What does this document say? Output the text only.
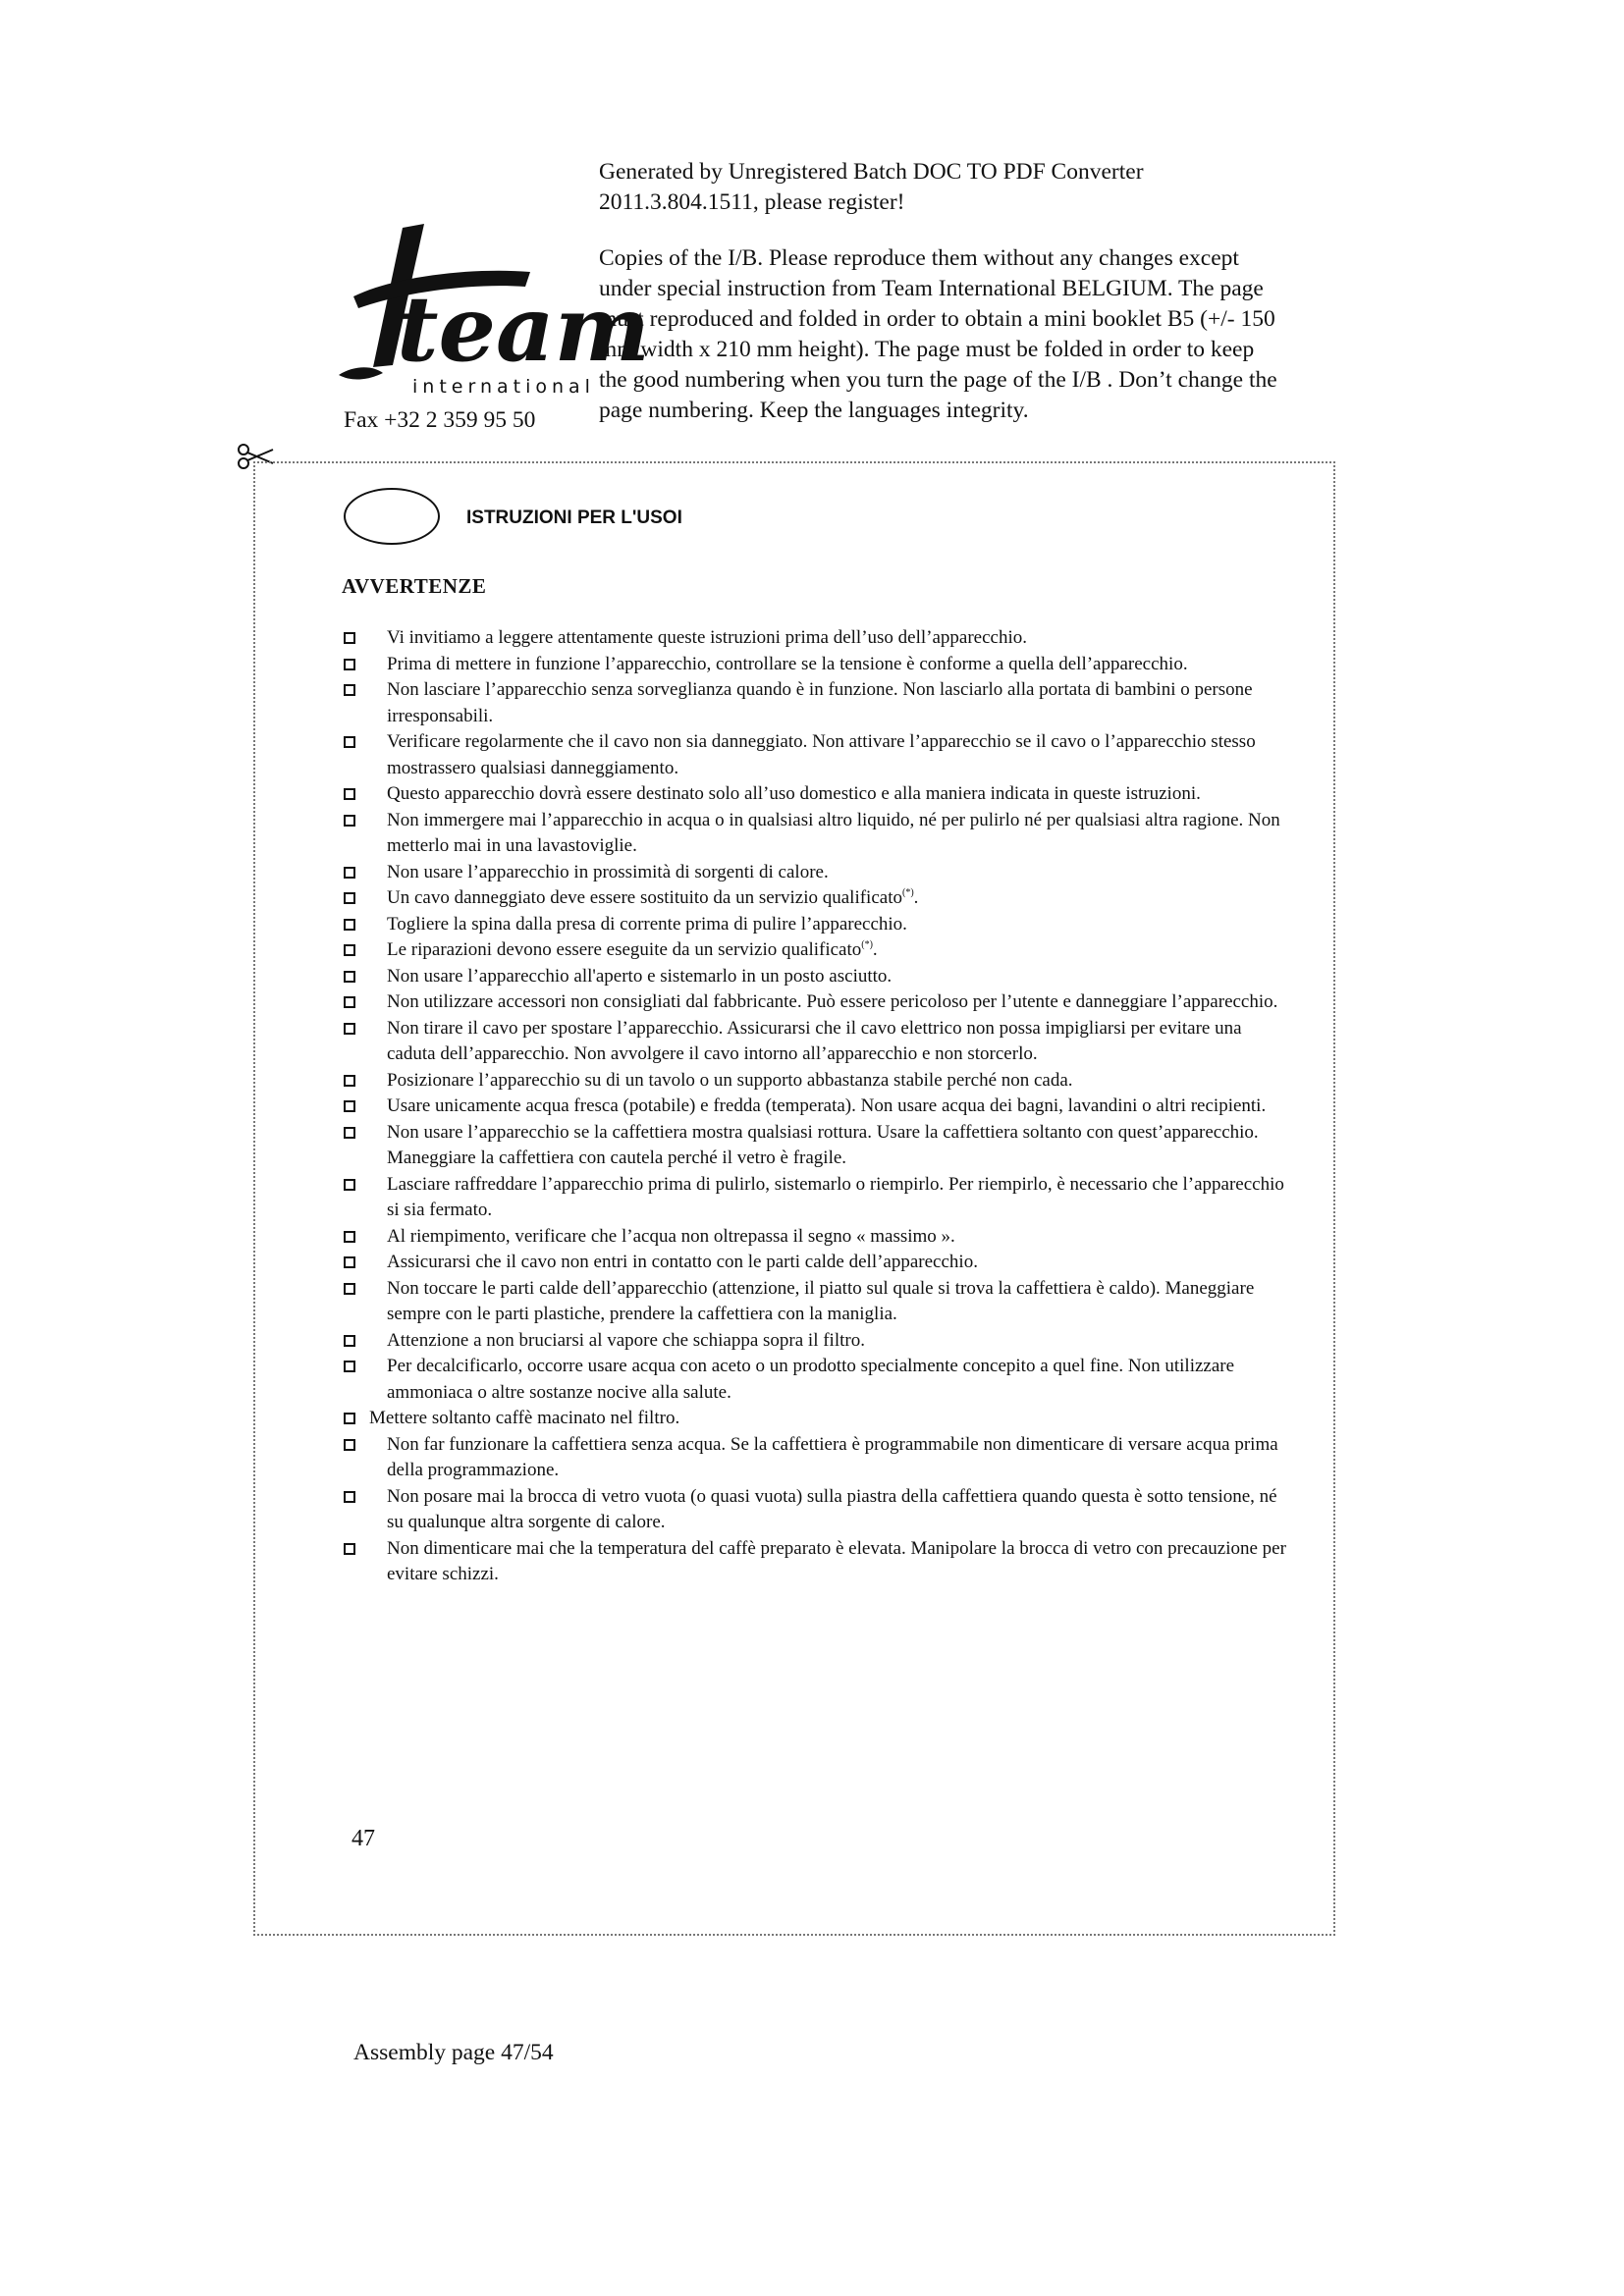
Generated by Unregistered Batch DOC TO PDF Converter 2011.3.804.1511, please register!

Copies of the I/B. Please reproduce them without any changes except under special instruction from Team International BELGIUM. The page must reproduced and folded in order to obtain a mini booklet B5 (+/- 150 mm width x 210 mm height). The page must be folded in order to keep the good numbering when you turn the page of the I/B . Don’t change the page numbering. Keep the languages integrity.

team
international
Fax +32 2 359 95 50
ISTRUZIONI PER L'USOI
AVVERTENZE
Vi invitiamo a leggere attentamente queste istruzioni prima dell’uso dell’apparecchio.
Prima di mettere in funzione l’apparecchio, controllare se la tensione è conforme a quella dell’apparecchio.
Non lasciare l’apparecchio senza sorveglianza quando è in funzione. Non lasciarlo alla portata di bambini o persone irresponsabili.
Verificare regolarmente che il cavo non sia danneggiato. Non attivare l’apparecchio se il cavo o l’apparecchio stesso mostrassero qualsiasi danneggiamento.
Questo apparecchio dovrà essere destinato solo all’uso domestico e alla maniera indicata in queste istruzioni.
Non immergere mai l’apparecchio in acqua o in qualsiasi altro liquido, né per pulirlo né per qualsiasi altra ragione. Non metterlo mai in una lavastoviglie.
Non usare l’apparecchio in prossimità di sorgenti di calore.
Un cavo danneggiato deve essere sostituito da un servizio qualificato(*).
Togliere la spina dalla presa di corrente prima di pulire l’apparecchio.
Le riparazioni devono essere eseguite da un servizio qualificato(*).
Non usare l’apparecchio all'aperto e sistemarlo in un posto asciutto.
Non utilizzare accessori non consigliati dal fabbricante. Può essere pericoloso per l’utente e danneggiare l’apparecchio.
Non tirare il cavo per spostare l’apparecchio. Assicurarsi che il cavo elettrico non possa impigliarsi per evitare una caduta dell’apparecchio. Non avvolgere il cavo intorno all’apparecchio e non storcerlo.
Posizionare l’apparecchio su di un tavolo o un supporto abbastanza stabile perché non cada.
Usare unicamente acqua fresca (potabile) e fredda (temperata). Non usare acqua dei bagni, lavandini o altri recipienti.
Non usare l’apparecchio se la caffettiera mostra qualsiasi rottura. Usare la caffettiera soltanto con quest’apparecchio. Maneggiare la caffettiera con cautela perché il vetro è fragile.
Lasciare raffreddare l’apparecchio prima di pulirlo, sistemarlo o riempirlo. Per riempirlo, è necessario che l’apparecchio si sia fermato.
Al riempimento, verificare che l’acqua non oltrepassa il segno « massimo ».
Assicurarsi che il cavo non entri in contatto con le parti calde dell’apparecchio.
Non toccare le parti calde dell’apparecchio (attenzione, il piatto sul quale si trova la caffettiera è caldo). Maneggiare sempre con le parti plastiche, prendere la caffettiera con la maniglia.
Attenzione a non bruciarsi al vapore che schiappa sopra il filtro.
Per decalcificarlo, occorre usare acqua con aceto o un prodotto specialmente concepito a quel fine. Non utilizzare ammoniaca o altre sostanze nocive alla salute.
Mettere soltanto caffè macinato nel filtro.
Non far funzionare la caffettiera senza acqua. Se la caffettiera è programmabile non dimenticare di versare acqua prima della programmazione.
Non posare mai la brocca di vetro vuota (o quasi vuota) sulla piastra della caffettiera quando questa è sotto tensione, né su qualunque altra sorgente di calore.
Non dimenticare mai che la temperatura del caffè preparato è elevata. Manipolare la brocca di vetro con precauzione per evitare schizzi.
47
Assembly page 47/54
